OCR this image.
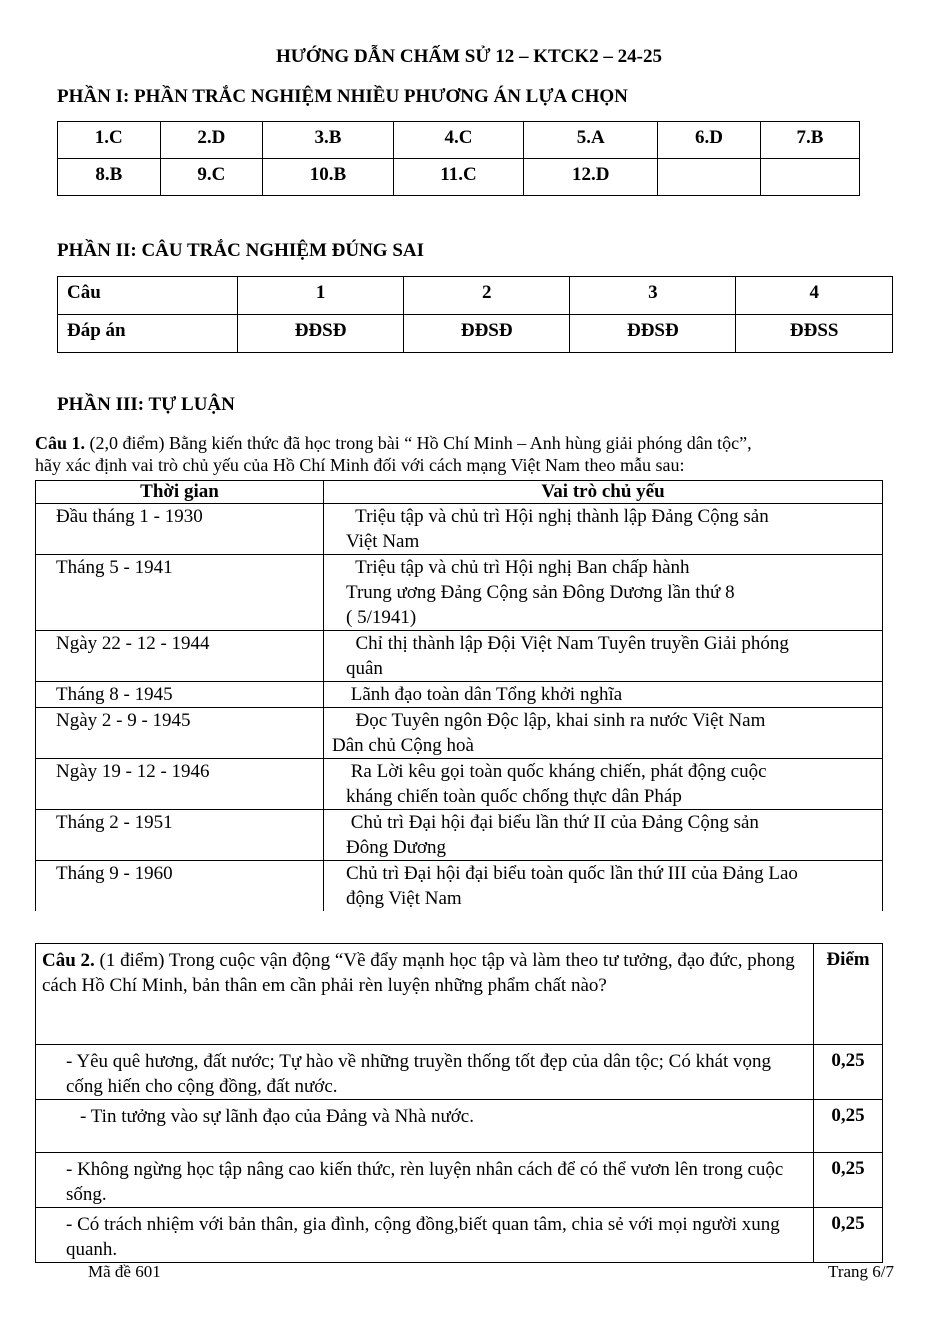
HƯỚNG DẪN CHẤM SỬ 12 – KTCK2 – 24-25
PHẦN I: PHẦN TRẮC NGHIỆM NHIỀU PHƯƠNG ÁN LỰA CHỌN
1.C	2.D	3.B	4.C	5.A	6.D	7.B
8.B	9.C	10.B	11.C	12.D		
PHẦN II: CÂU TRẮC NGHIỆM ĐÚNG SAI
Câu	1	2	3	4
Đáp án	ĐĐSĐ	ĐĐSĐ	ĐĐSĐ	ĐĐSS
PHẦN III: TỰ LUẬN
Câu 1. (2,0 điểm) Bằng kiến thức đã học trong bài “ Hồ Chí Minh – Anh hùng giải phóng dân tộc”,
hãy xác định vai trò chủ yếu của Hồ Chí Minh đối với cách mạng Việt Nam theo mẫu sau:
Thời gian	Vai trò chủ yếu
Đầu tháng 1 - 1930	Triệu tập và chủ trì Hội nghị thành lập Đảng Cộng sản
Việt Nam

Tháng 5 - 1941	Triệu tập và chủ trì Hội nghị Ban chấp hành
Trung ương Đảng Cộng sản Đông Dương lần thứ 8
( 5/1941)

Ngày 22 - 12 - 1944	Chỉ thị thành lập Đội Việt Nam Tuyên truyền Giải phóng
quân

Tháng 8 - 1945	Lãnh đạo toàn dân Tổng khởi nghĩa

Ngày 2 - 9 - 1945	Đọc Tuyên ngôn Độc lập, khai sinh ra nước Việt Nam
Dân chủ Cộng hoà

Ngày 19 - 12 - 1946	Ra Lời kêu gọi toàn quốc kháng chiến, phát động cuộc
kháng chiến toàn quốc chống thực dân Pháp

Tháng 2 - 1951	Chủ trì Đại hội đại biểu lần thứ II của Đảng Cộng sản
Đông Dương

Tháng 9 - 1960	Chủ trì Đại hội đại biểu toàn quốc lần thứ III của Đảng Lao
động Việt Nam
Câu 2. (1 điểm) Trong cuộc vận động “Về đẩy mạnh học tập và làm theo tư tưởng, đạo đức, phong cách Hồ Chí Minh, bản thân em cần phải rèn luyện những phẩm chất nào?	Điểm
- Yêu quê hương, đất nước; Tự hào về những truyền thống tốt đẹp của dân tộc; Có khát vọng cống hiến cho cộng đồng, đất nước.	0,25
- Tin tưởng vào sự lãnh đạo của Đảng và Nhà nước.	0,25
- Không ngừng học tập nâng cao kiến thức, rèn luyện nhân cách để có thể vươn lên trong cuộc sống.	0,25
- Có trách nhiệm với bản thân, gia đình, cộng đồng,biết quan tâm, chia sẻ với mọi người xung quanh.	0,25
Mã đề 601	Trang 6/7
